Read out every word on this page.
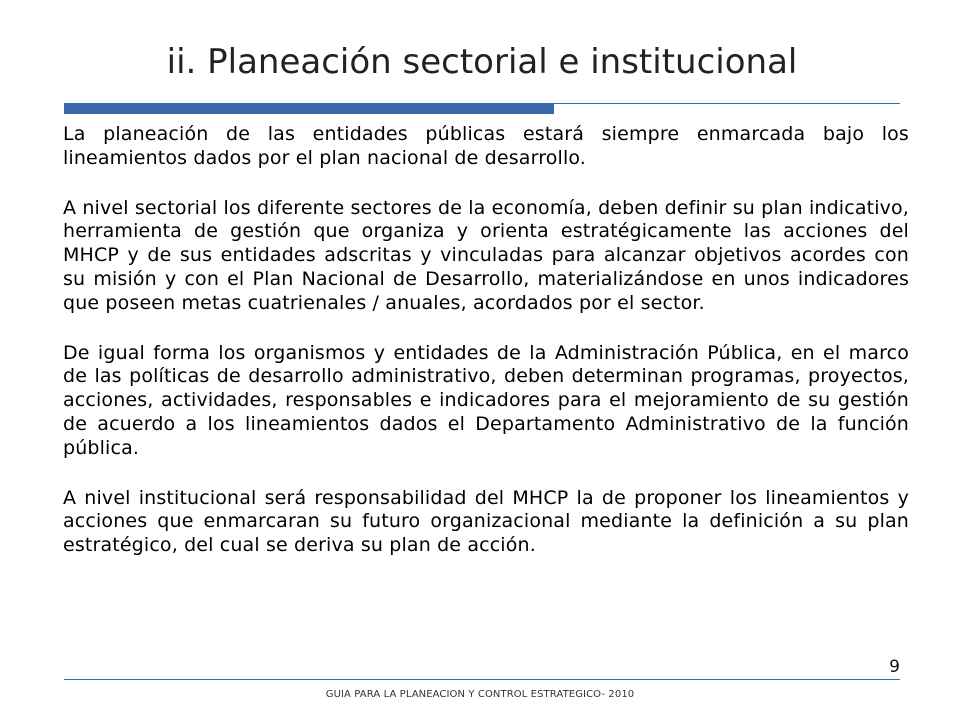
ii. Planeación sectorial e institucional

La planeación de las entidades públicas estará siempre enmarcada bajo los lineamientos dados por el plan nacional de desarrollo.

A nivel sectorial los diferente sectores de la economía, deben definir su plan indicativo, herramienta de gestión que organiza y orienta estratégicamente las acciones del MHCP y de sus entidades adscritas y vinculadas para alcanzar objetivos acordes con su misión y con el Plan Nacional de Desarrollo, materializándose en unos indicadores que poseen metas cuatrienales / anuales, acordados por el sector.

De igual forma los organismos y entidades de la Administración Pública, en el marco de las políticas de desarrollo administrativo, deben determinan programas, proyectos, acciones, actividades, responsables e indicadores para el mejoramiento de su gestión de acuerdo a los lineamientos dados el Departamento Administrativo de la función pública.

A nivel institucional será responsabilidad del MHCP la de proponer los lineamientos y acciones que enmarcaran su futuro organizacional mediante la definición a su plan estratégico, del cual se deriva su plan de acción.

9
GUIA PARA LA PLANEACION Y CONTROL ESTRATEGICO- 2010
